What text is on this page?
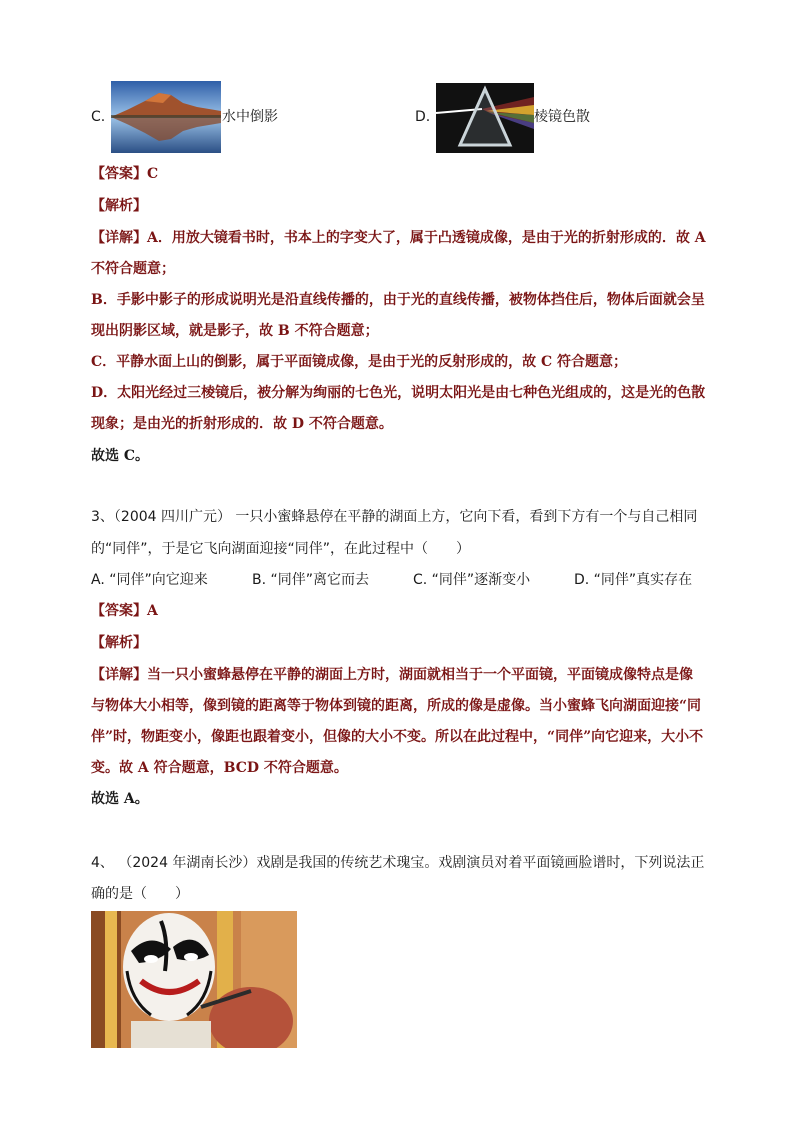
C.	水中倒影	D.	棱镜色散
【答案】C
【解析】
【详解】A．用放大镜看书时，书本上的字变大了，属于凸透镜成像，是由于光的折射形成的．故 A
不符合题意；
B．手影中影子的形成说明光是沿直线传播的，由于光的直线传播，被物体挡住后，物体后面就会呈
现出阴影区域，就是影子，故 B 不符合题意；
C．平静水面上山的倒影，属于平面镜成像，是由于光的反射形成的，故 C 符合题意；
D．太阳光经过三棱镜后，被分解为绚丽的七色光，说明太阳光是由七种色光组成的，这是光的色散
现象；是由光的折射形成的．故 D 不符合题意。
故选 C。
3、（2004 四川广元） 一只小蜜蜂悬停在平静的湖面上方，它向下看，看到下方有一个与自己相同
的“同伴”，于是它飞向湖面迎接“同伴”，在此过程中（　　）
A. “同伴”向它迎来	B. “同伴”离它而去	C. “同伴”逐渐变小	D. “同伴”真实存在
【答案】A
【解析】
【详解】当一只小蜜蜂悬停在平静的湖面上方时，湖面就相当于一个平面镜，平面镜成像特点是像
与物体大小相等，像到镜的距离等于物体到镜的距离，所成的像是虚像。当小蜜蜂飞向湖面迎接“同
伴”时，物距变小，像距也跟着变小，但像的大小不变。所以在此过程中，“同伴”向它迎来，大小不
变。故 A 符合题意，BCD 不符合题意。
故选 A。
4、 （2024 年湖南长沙）戏剧是我国的传统艺术瑰宝。戏剧演员对着平面镜画脸谱时，下列说法正
确的是（　　）
